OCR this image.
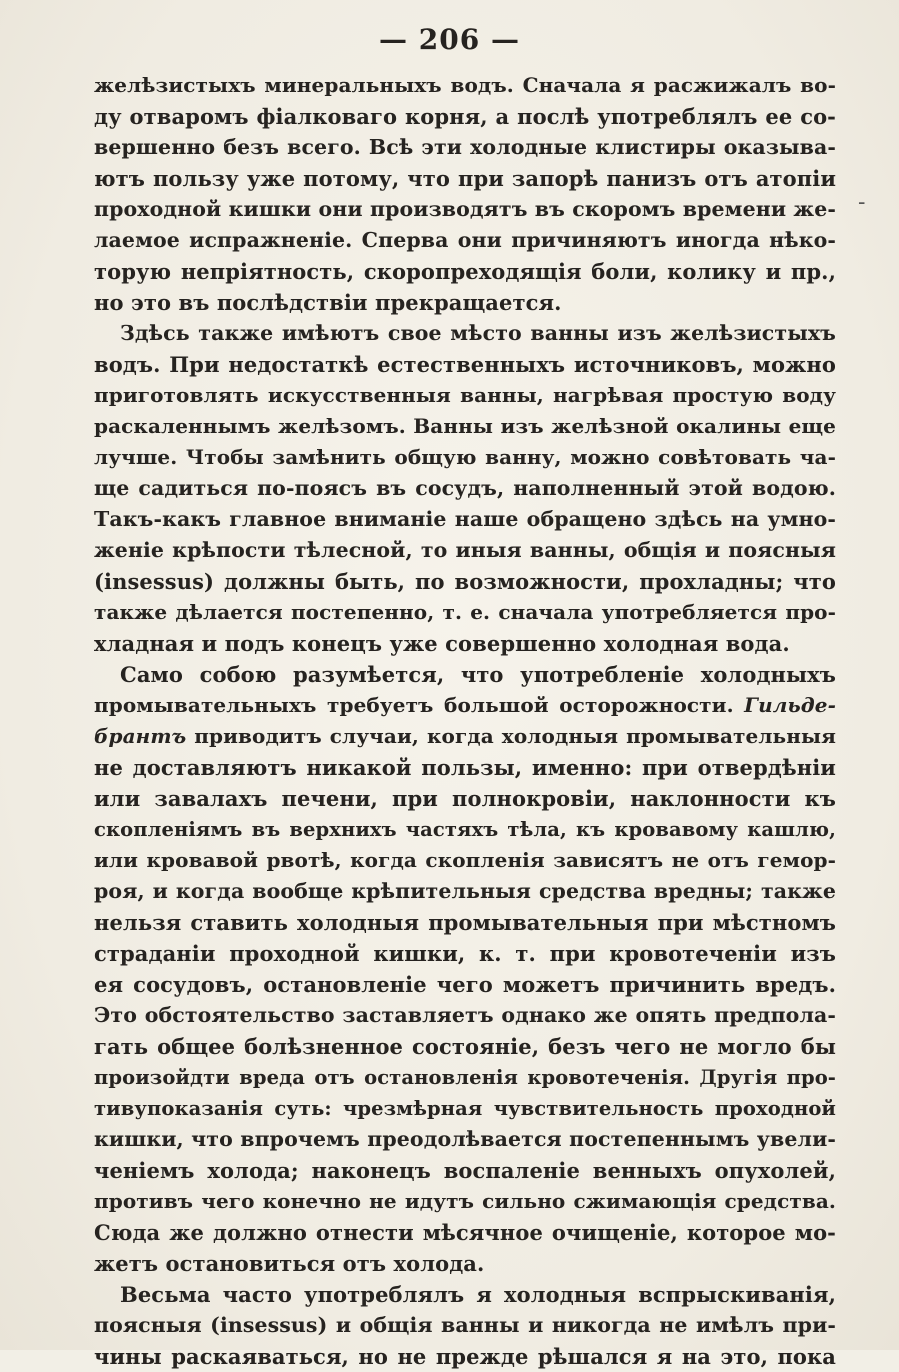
— 206 —
-
желѣзистыхъ минеральныхъ водъ. Сначала я расжижалъ во-
ду отваромъ фiалковаго корня, а послѣ употреблялъ ее со-
вершенно безъ всего. Всѣ эти холодные клистиры оказыва-
ютъ пользу уже потому, что при запорѣ панизъ отъ атопiи
проходной кишки они производятъ въ скоромъ времени же-
лаемое испражненiе. Сперва они причиняютъ иногда нѣко-
торую непрiятность, скоропреходящiя боли, колику и пр.,
но это въ послѣдствiи прекращается.
Здѣсь также имѣютъ свое мѣсто ванны изъ желѣзистыхъ
водъ. При недостаткѣ естественныхъ источниковъ, можно
приготовлять искусственныя ванны, нагрѣвая простую воду
раскаленнымъ желѣзомъ. Ванны изъ желѣзной окалины еще
лучше. Чтобы замѣнить общую ванну, можно совѣтовать ча-
ще садиться по-поясъ въ сосудъ, наполненный этой водою.
Такъ-какъ главное вниманiе наше обращено здѣсь на умно-
женiе крѣпости тѣлесной, то иныя ванны, общiя и поясныя
(insessus) должны быть, по возможности, прохладны; что
также дѣлается постепенно, т. е. сначала употребляется про-
хладная и подъ конецъ уже совершенно холодная вода.
Само собою разумѣется, что употребленiе холодныхъ
промывательныхъ требуетъ большой осторожности. Гильде-
брантъ приводитъ случаи, когда холодныя промывательныя
не доставляютъ никакой пользы, именно: при отвердѣнiи
или завалахъ печени, при полнокровiи, наклонности къ
скопленiямъ въ верхнихъ частяхъ тѣла, къ кровавому кашлю,
или кровавой рвотѣ, когда скопленiя зависятъ не отъ гемор-
роя, и когда вообще крѣпительныя средства вредны; также
нельзя ставить холодныя промывательныя при мѣстномъ
страданiи проходной кишки, к. т. при кровотеченiи изъ
ея сосудовъ, остановленiе чего можетъ причинить вредъ.
Это обстоятельство заставляетъ однако же опять предпола-
гать общее болѣзненное состоянiе, безъ чего не могло бы
произойдти вреда отъ остановленiя кровотеченiя. Другiя про-
тивупоказанiя суть: чрезмѣрная чувствительность проходной
кишки, что впрочемъ преодолѣвается постепеннымъ увели-
ченiемъ холода; наконецъ воспаленiе венныхъ опухолей,
противъ чего конечно не идутъ сильно сжимающiя средства.
Сюда же должно отнести мѣсячное очищенiе, которое мо-
жетъ остановиться отъ холода.
Весьма часто употреблялъ я холодныя вспрыскиванiя,
поясныя (insessus) и общiя ванны и никогда не имѣлъ при-
чины раскаяваться, но не прежде рѣшался я на это, пока
